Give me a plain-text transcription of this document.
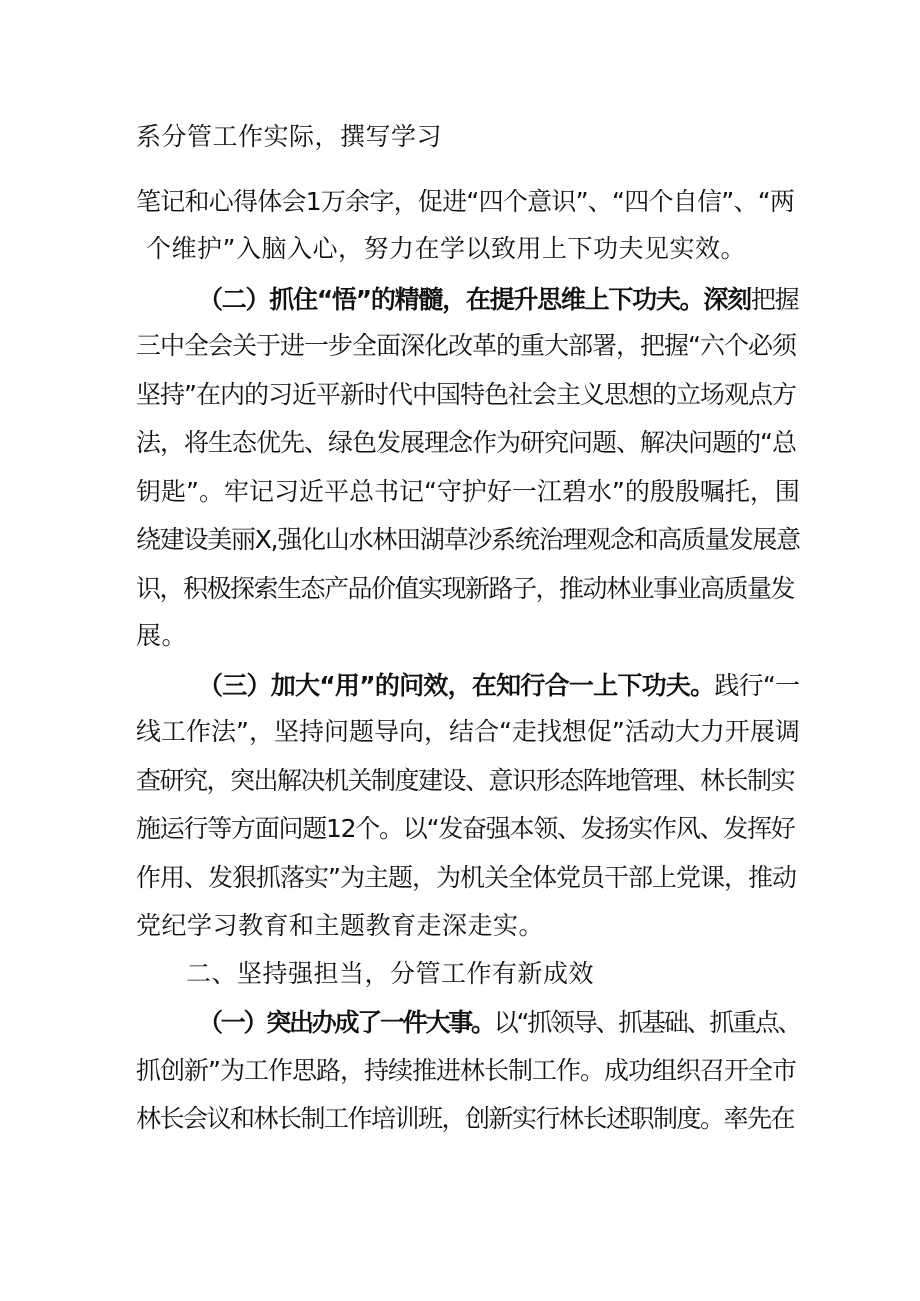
系分管工作实际，撰写学习
笔记和心得体会1万余字，促进“四个意识”、“四个自信”、“两
个维护”入脑入心，努力在学以致用上下功夫见实效。
（二）抓住“悟”的精髓，在提升思维上下功夫。深刻把握
三中全会关于进一步全面深化改革的重大部署，把握“六个必须
坚持”在内的习近平新时代中国特色社会主义思想的立场观点方
法，将生态优先、绿色发展理念作为研究问题、解决问题的“总
钥匙”。牢记习近平总书记“守护好一江碧水”的殷殷嘱托，围
绕建设美丽X,强化山水林田湖草沙系统治理观念和高质量发展意
识，积极探索生态产品价值实现新路子，推动林业事业高质量发
展。
（三）加大“用”的问效，在知行合一上下功夫。践行“一
线工作法”，坚持问题导向，结合“走找想促”活动大力开展调
查研究，突出解决机关制度建设、意识形态阵地管理、林长制实
施运行等方面问题12个。以“发奋强本领、发扬实作风、发挥好
作用、发狠抓落实”为主题，为机关全体党员干部上党课，推动
党纪学习教育和主题教育走深走实。
二、坚持强担当，分管工作有新成效
（一）突出办成了一件大事。以“抓领导、抓基础、抓重点、
抓创新”为工作思路，持续推进林长制工作。成功组织召开全市
林长会议和林长制工作培训班，创新实行林长述职制度。率先在
